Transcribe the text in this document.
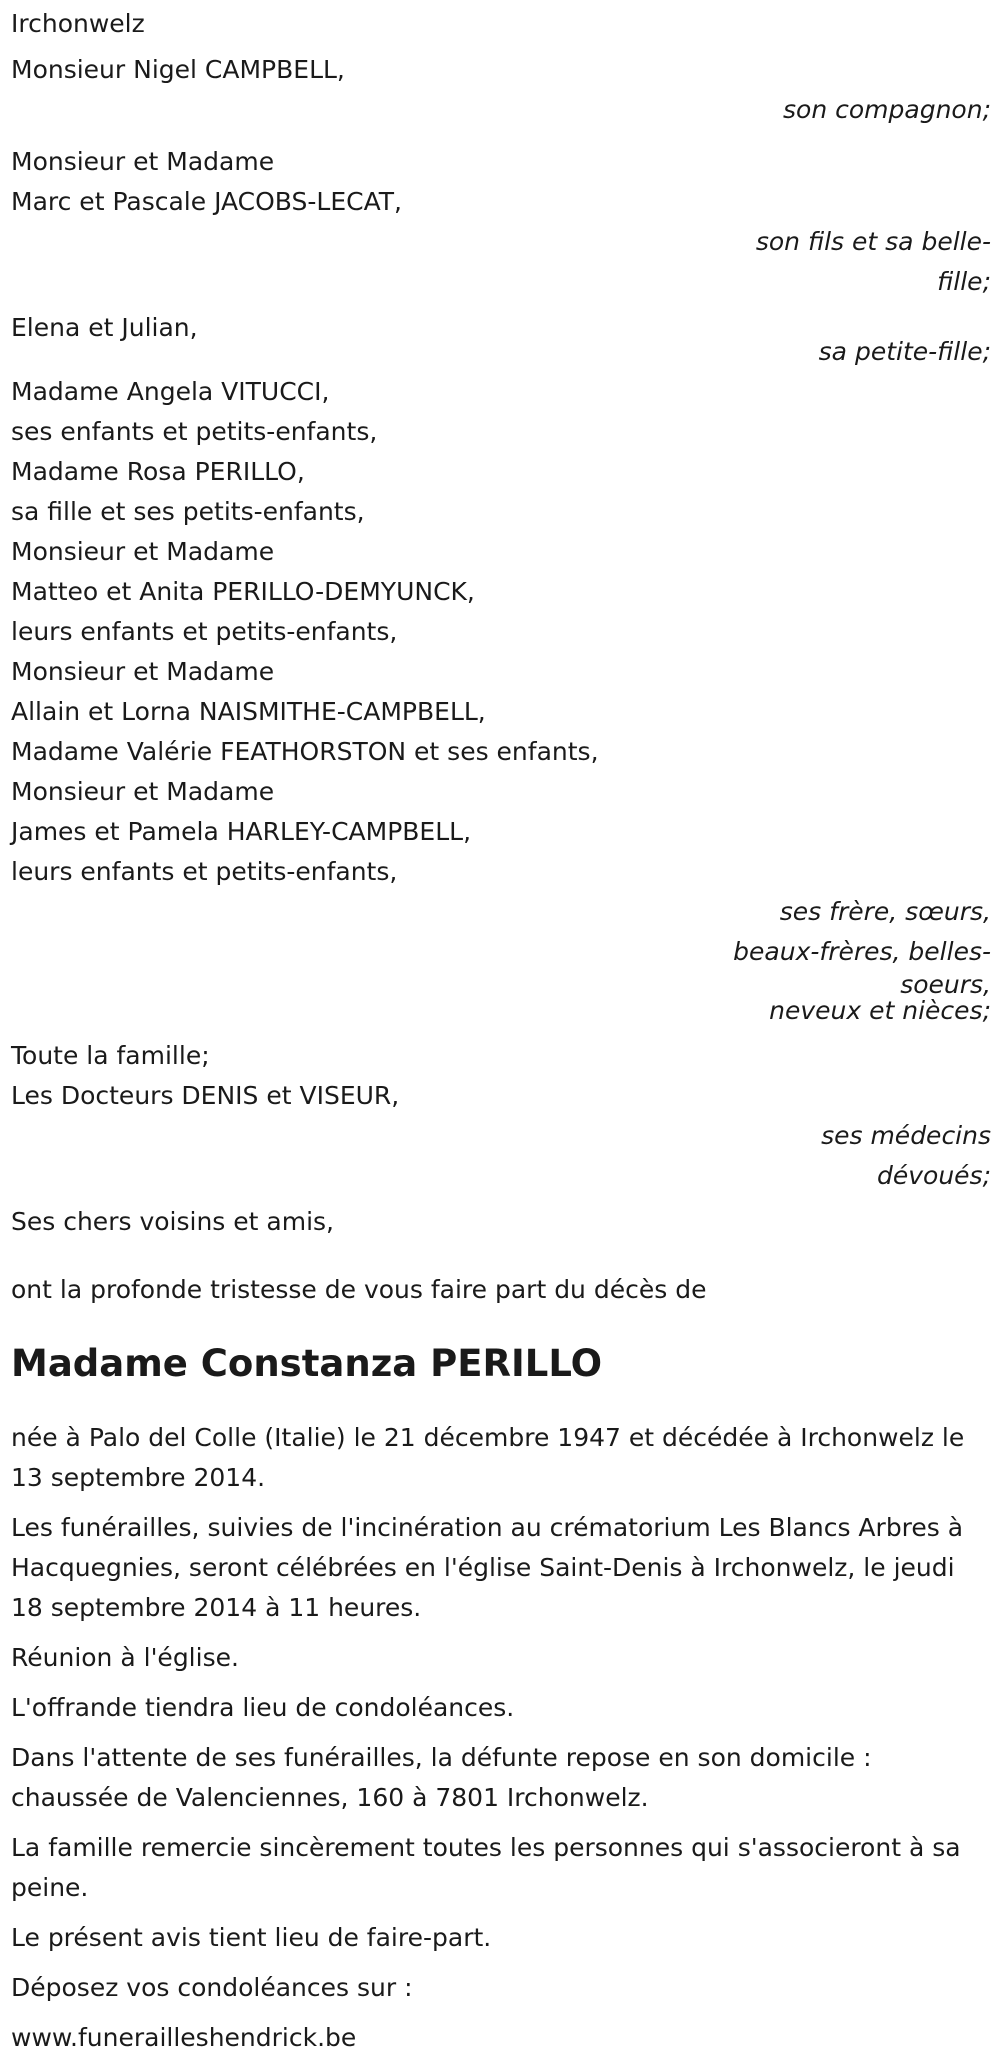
Irchonwelz
Monsieur Nigel CAMPBELL,
son compagnon;
Monsieur et Madame
Marc et Pascale JACOBS-LECAT,
son fils et sa belle-
fille;
Elena et Julian,
sa petite-fille;
Madame Angela VITUCCI,
ses enfants et petits-enfants,
Madame Rosa PERILLO,
sa fille et ses petits-enfants,
Monsieur et Madame
Matteo et Anita PERILLO-DEMYUNCK,
leurs enfants et petits-enfants,
Monsieur et Madame
Allain et Lorna NAISMITHE-CAMPBELL,
Madame Valérie FEATHORSTON et ses enfants,
Monsieur et Madame
James et Pamela HARLEY-CAMPBELL,
leurs enfants et petits-enfants,
ses frère, sœurs,
beaux-frères, belles-
soeurs,
neveux et nièces;
Toute la famille;
Les Docteurs DENIS et VISEUR,
ses médecins
dévoués;
Ses chers voisins et amis,
ont la profonde tristesse de vous faire part du décès de
Madame Constanza PERILLO
née à Palo del Colle (Italie) le 21 décembre 1947 et décédée à Irchonwelz le 13 septembre 2014.
Les funérailles, suivies de l'incinération au crématorium Les Blancs Arbres à Hacquegnies, seront célébrées en l'église Saint-Denis à Irchonwelz, le jeudi 18 septembre 2014 à 11 heures.
Réunion à l'église.
L'offrande tiendra lieu de condoléances.
Dans l'attente de ses funérailles, la défunte repose en son domicile : chaussée de Valenciennes, 160 à 7801 Irchonwelz.
La famille remercie sincèrement toutes les personnes qui s'associeront à sa peine.
Le présent avis tient lieu de faire-part.
Déposez vos condoléances sur :
www.funerailleshendrick.be
